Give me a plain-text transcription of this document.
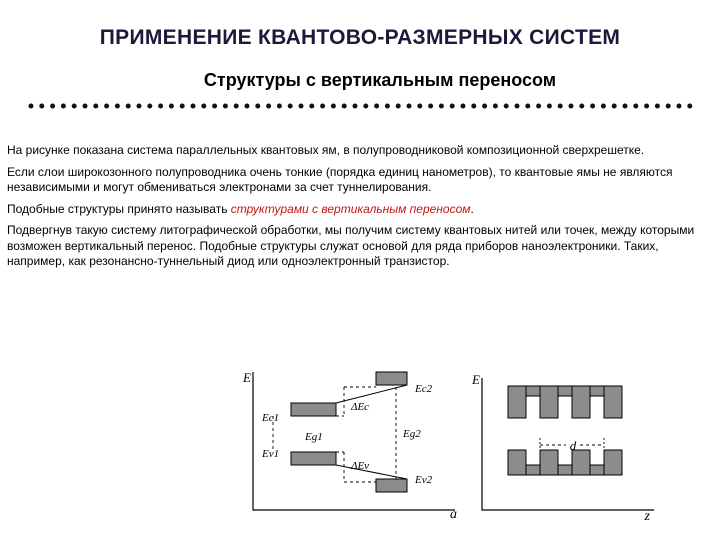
ПРИМЕНЕНИЕ КВАНТОВО-РАЗМЕРНЫХ СИСТЕМ
Структуры с вертикальным переносом

На рисунке показана система параллельных квантовых ям, в полупроводниковой композиционной сверхрешетке.

Если слои широкозонного полупроводника очень тонкие (порядка единиц нанометров), то квантовые ямы не являются независимыми и могут обмениваться электронами за счет туннелирования.

Подобные структуры принято называть структурами с вертикальным переносом.

Подвергнув такую систему литографической обработки, мы получим систему квантовых нитей или точек, между которыми возможен вертикальный перенос. Подобные структуры служат основой для ряда приборов наноэлектроники. Таких, например, как резонансно-туннельный диод или одноэлектронный транзистор.

E
a
Ec2
ΔEc
Ec1
Eg1	Eg2
Ev1
ΔEv
Ev2
E
z
d
